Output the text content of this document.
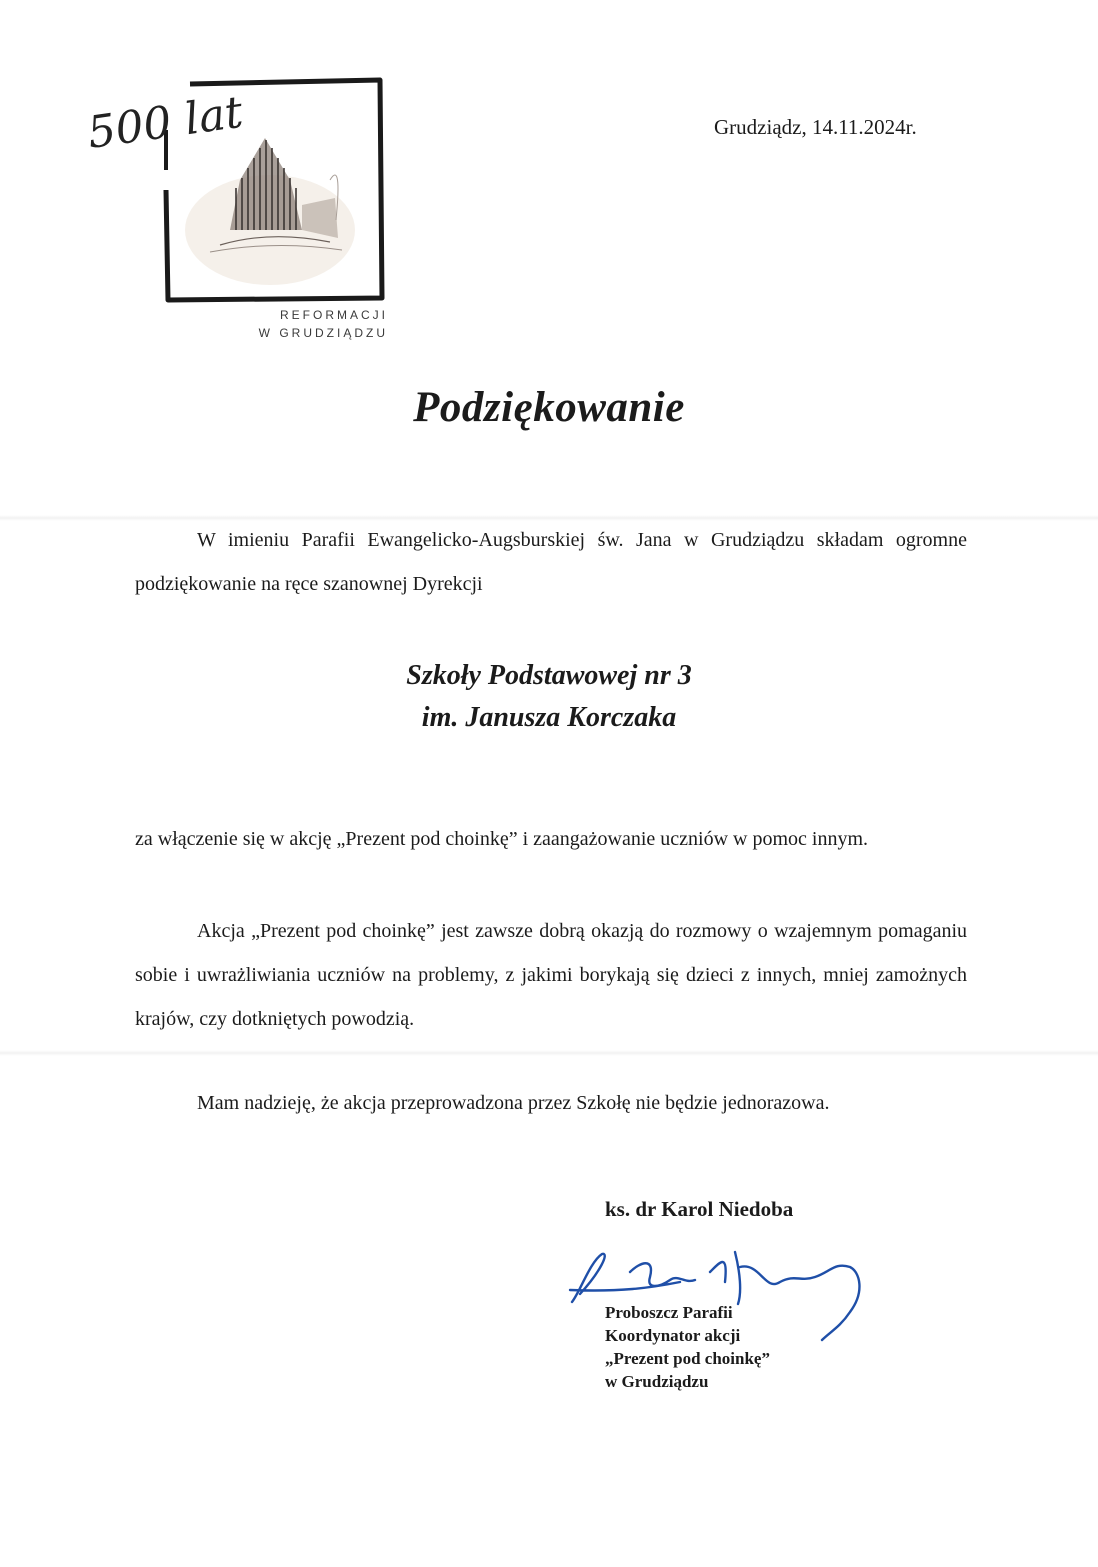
500 lat
REFORMACJI
W GRUDZIĄDZU
Grudziądz, 14.11.2024r.
Podziękowanie
W imieniu Parafii Ewangelicko-Augsburskiej św. Jana w Grudziądzu składam ogromne podziękowanie na ręce szanownej Dyrekcji
Szkoły Podstawowej nr 3
im. Janusza Korczaka
za włączenie się w akcję „Prezent pod choinkę” i zaangażowanie uczniów w pomoc innym.
Akcja „Prezent pod choinkę” jest zawsze dobrą okazją do rozmowy o wzajemnym pomaganiu sobie i uwrażliwiania uczniów na problemy, z jakimi borykają się dzieci z innych, mniej zamożnych krajów, czy dotkniętych powodzią.
Mam nadzieję, że akcja przeprowadzona przez Szkołę nie będzie jednorazowa.
ks. dr Karol Niedoba
Proboszcz Parafii
Koordynator akcji
„Prezent pod choinkę”
w Grudziądzu
